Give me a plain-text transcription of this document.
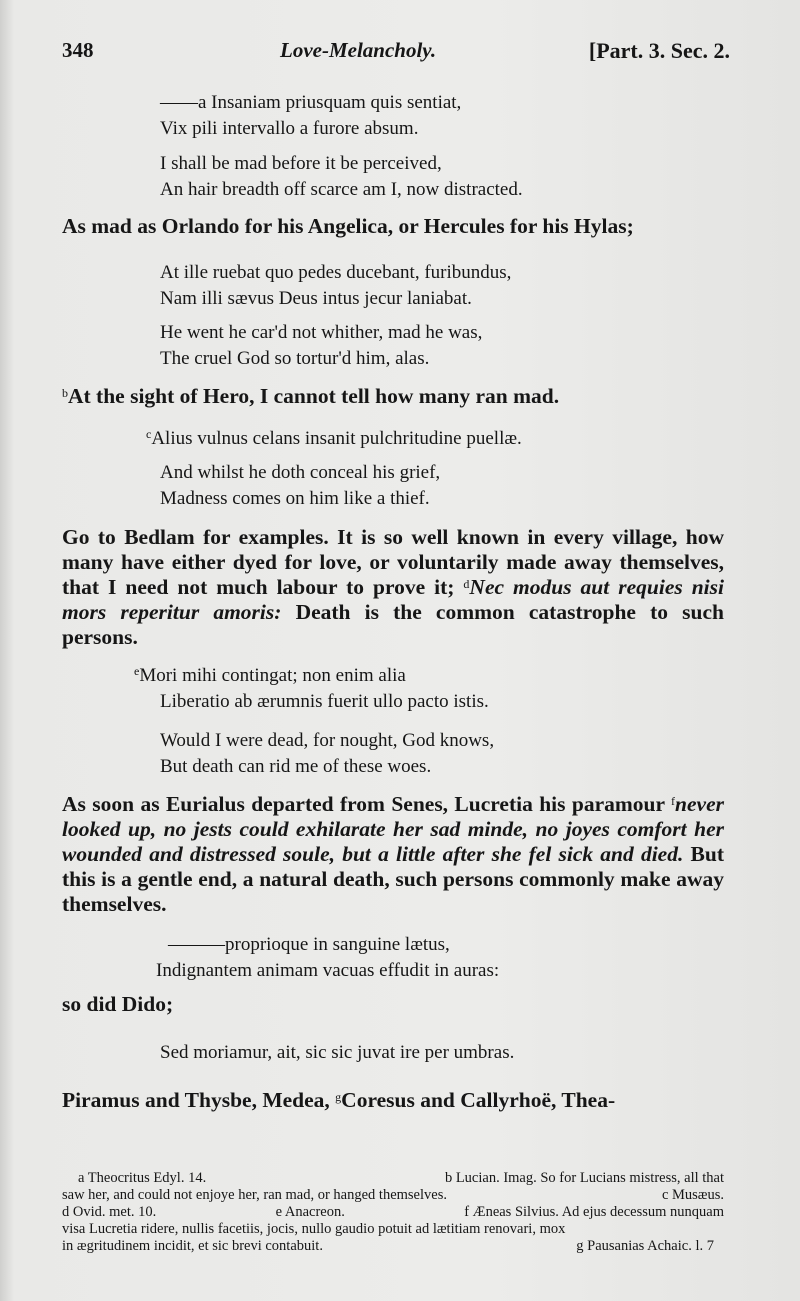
348	Love-Melancholy.	[Part. 3. Sec. 2.
——a Insaniam priusquam quis sentiat,
Vix pili intervallo a furore absum.
I shall be mad before it be perceived,
An hair breadth off scarce am I, now distracted.
As mad as Orlando for his Angelica, or Hercules for his Hylas;
At ille ruebat quo pedes ducebant, furibundus,
Nam illi sævus Deus intus jecur laniabat.
He went he car'd not whither, mad he was,
The cruel God so tortur'd him, alas.
$^b$At the sight of Hero, I cannot tell how many ran mad.
$^c$Alius vulnus celans insanit pulchritudine puellæ.
And whilst he doth conceal his grief,
Madness comes on him like a thief.
Go to Bedlam for examples. It is so well known in every village, how many have either dyed for love, or voluntarily made away themselves, that I need not much labour to prove it; $^d$Nec modus aut requies nisi mors reperitur amoris: Death is the common catastrophe to such persons.
$^e$Mori mihi contingat; non enim alia
Liberatio ab ærumnis fuerit ullo pacto istis.
Would I were dead, for nought, God knows,
But death can rid me of these woes.
As soon as Eurialus departed from Senes, Lucretia his paramour $^f$never looked up, no jests could exhilarate her sad minde, no joyes comfort her wounded and distressed soule, but a little after she fel sick and died. But this is a gentle end, a natural death, such persons commonly make away themselves.
———proprioque in sanguine lætus,
Indignantem animam vacuas effudit in auras:
so did Dido;
Sed moriamur, ait, sic sic juvat ire per umbras.
Piramus and Thysbe, Medea, $^g$Coresus and Callyrhoë, Thea-
a Theocritus Edyl. 14.	b Lucian. Imag. So for Lucians mistress, all that
saw her, and could not enjoye her, ran mad, or hanged themselves.	c Musæus.
d Ovid. met. 10.	e Anacreon.	f Æneas Silvius. Ad ejus decessum nunquam
visa Lucretia ridere, nullis facetiis, jocis, nullo gaudio potuit ad lætitiam renovari, mox
in ægritudinem incidit, et sic brevi contabuit.	g Pausanias Achaic. l. 7
